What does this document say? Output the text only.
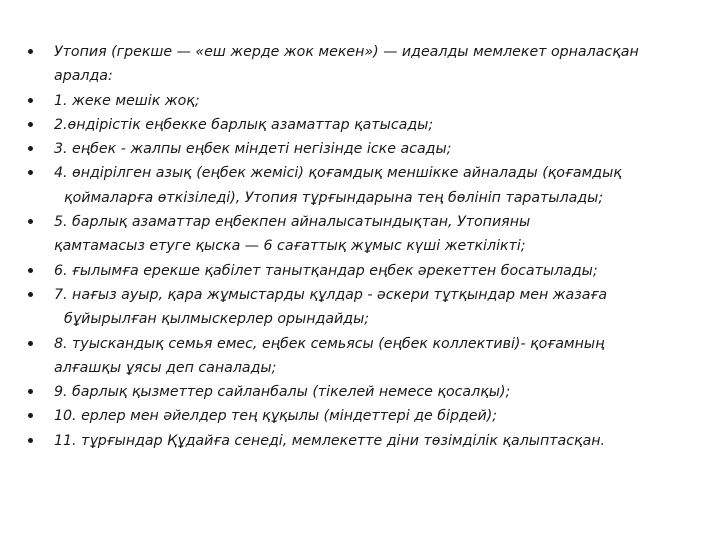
Утопия (грекше — «еш жерде жок мекен») — идеалды мемлекет орналасқан
аралда:
1. жеке мешік жоқ;
2.өндірістік еңбекке барлық азаматтар қатысады;
3. еңбек - жалпы еңбек міндеті негізінде іске асады;
4. өндірілген азық (еңбек жемісі) қоғамдық меншікке айналады (қоғамдық
қоймаларға өткізіледі), Утопия тұрғындарына тең бөлініп таратылады;
5. барлық азаматтар еңбекпен айналысатындықтан, Утопияны
қамтамасыз етуге қыска — 6 сағаттық жұмыс күші жеткілікті;
6. ғылымға ерекше қабілет танытқандар еңбек әрекеттен босатылады;
7. нағыз ауыр, қара жұмыстарды құлдар - әскери тұтқындар мен жазаға
бұйырылған қылмыскерлер орындайды;
8. туыскандық семья емес, еңбек семьясы (еңбек коллективі)- қоғамның
алғашқы ұясы деп саналады;
9. барлық қызметтер сайланбалы (тікелей немесе қосалқы);
10. ерлер мен әйелдер тең құқылы (міндеттері де бірдей);
11. тұрғындар Құдайға сенеді, мемлекетте діни төзімділік қалыптасқан.
